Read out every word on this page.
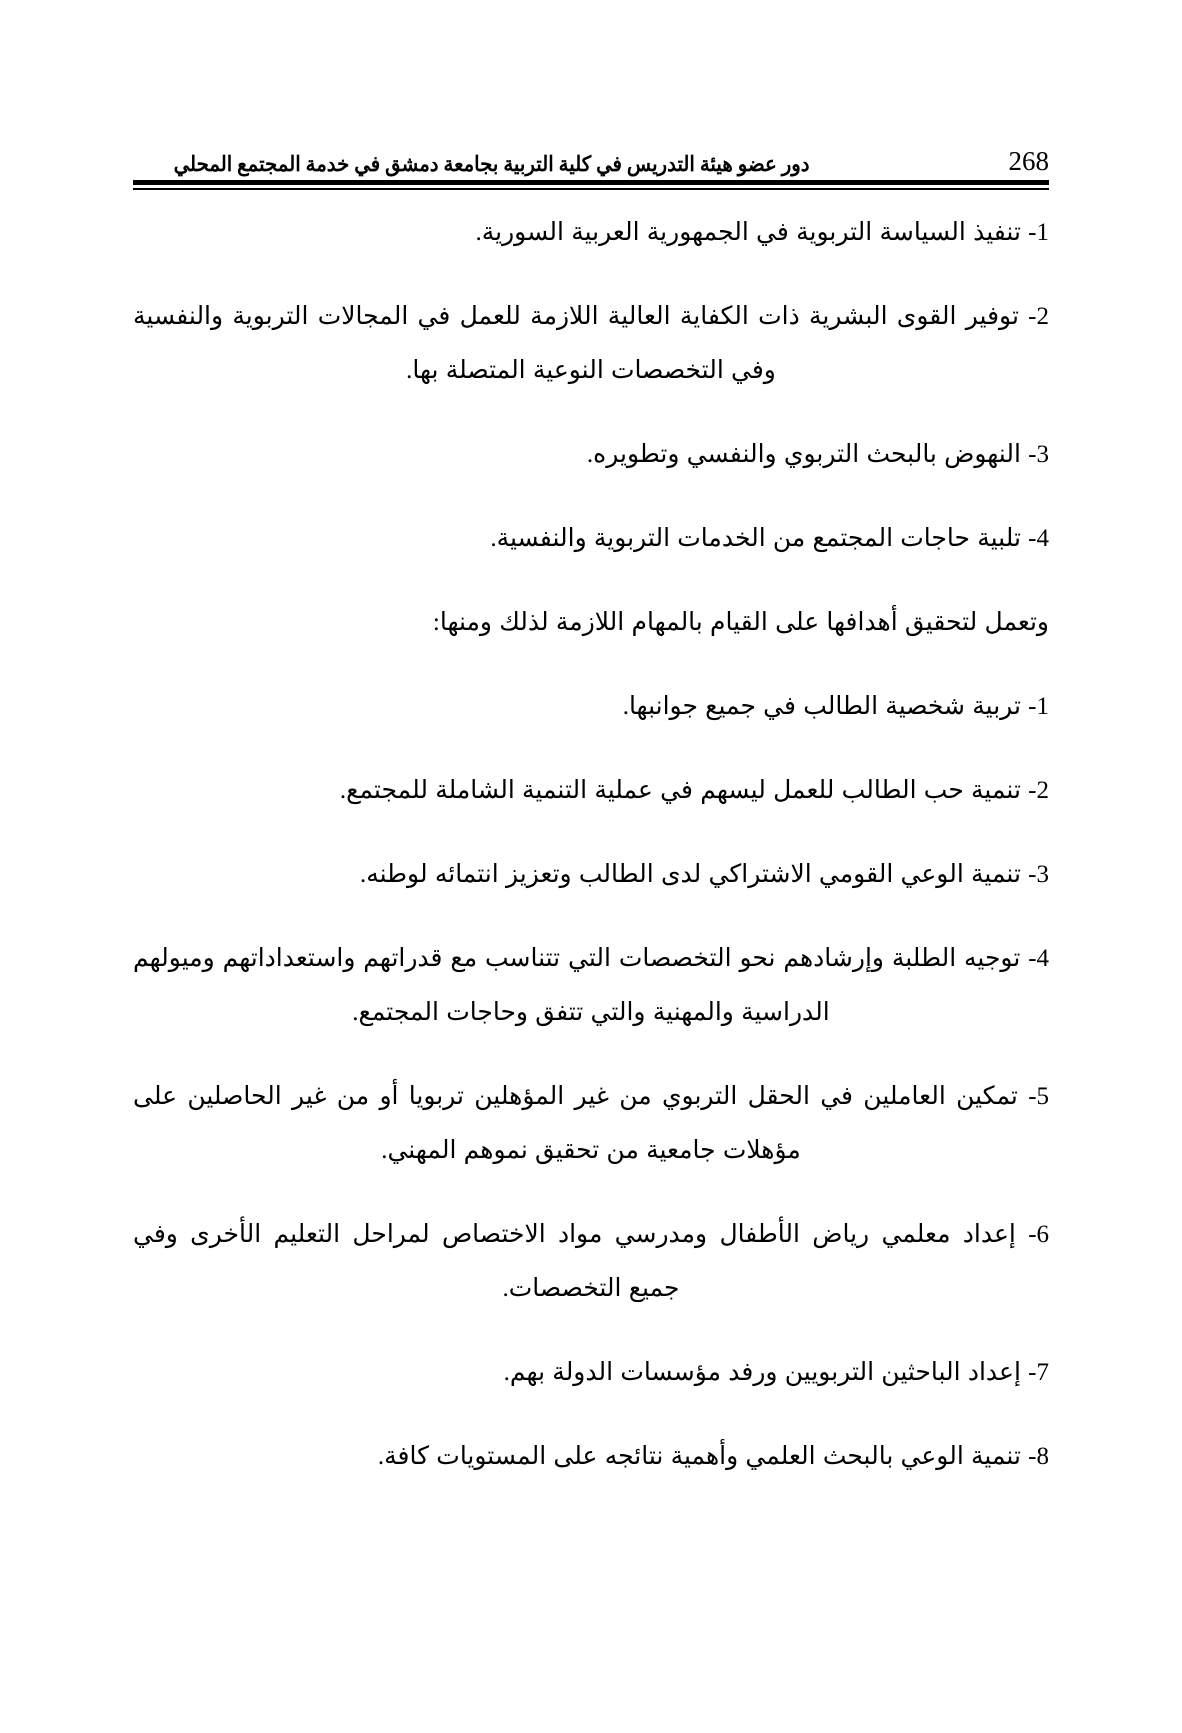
دور عضو هيئة التدريس في كلية التربية بجامعة دمشق في خدمة المجتمع المحلي	268

1- تنفيذ السياسة التربوية في الجمهورية العربية السورية.

2- توفير القوى البشرية ذات الكفاية العالية اللازمة للعمل في المجالات التربوية والنفسية وفي التخصصات النوعية المتصلة بها.

3- النهوض بالبحث التربوي والنفسي وتطويره.

4- تلبية حاجات المجتمع من الخدمات التربوية والنفسية.

وتعمل لتحقيق أهدافها على القيام بالمهام اللازمة لذلك ومنها:

1- تربية شخصية الطالب في جميع جوانبها.

2- تنمية حب الطالب للعمل ليسهم في عملية التنمية الشاملة للمجتمع.

3- تنمية الوعي القومي الاشتراكي لدى الطالب وتعزيز انتمائه لوطنه.

4- توجيه الطلبة وإرشادهم نحو التخصصات التي تتناسب مع قدراتهم واستعداداتهم وميولهم الدراسية والمهنية والتي تتفق وحاجات المجتمع.

5- تمكين العاملين في الحقل التربوي من غير المؤهلين تربويا أو من غير الحاصلين على مؤهلات جامعية من تحقيق نموهم المهني.

6- إعداد معلمي رياض الأطفال ومدرسي مواد الاختصاص لمراحل التعليم الأخرى وفي جميع التخصصات.

7- إعداد الباحثين التربويين ورفد مؤسسات الدولة بهم.

8- تنمية الوعي بالبحث العلمي وأهمية نتائجه على المستويات كافة.
